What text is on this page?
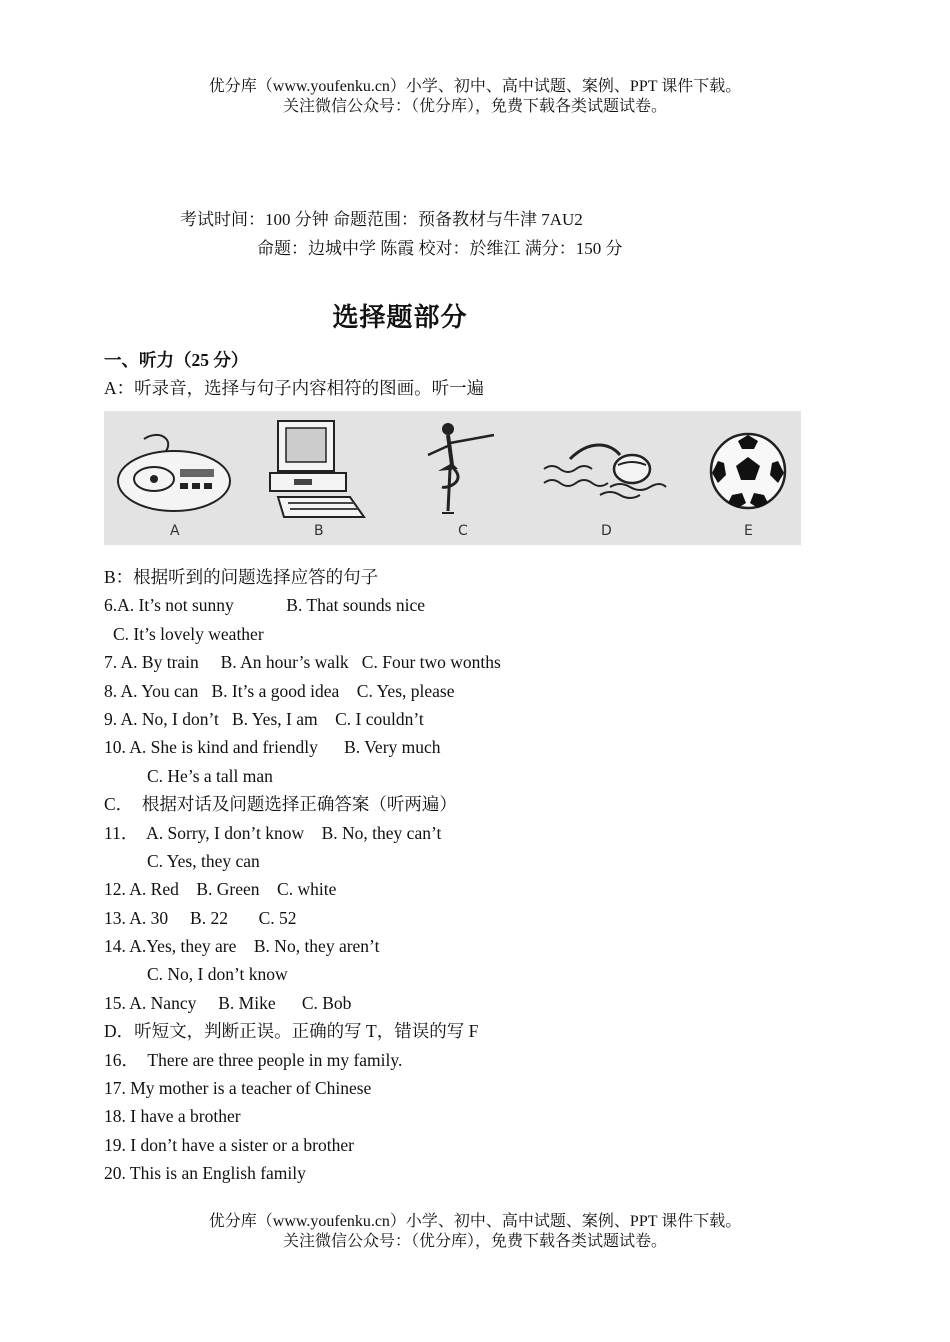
优分库（www.youfenku.cn）小学、初中、高中试题、案例、PPT 课件下载。
关注微信公众号：（优分库），免费下载各类试题试卷。
考试时间：100 分钟 命题范围：预备教材与牛津 7AU2
命题：边城中学 陈霞 校对：於维江 满分：150 分
选择题部分
一、听力（25 分）
A：听录音，选择与句子内容相符的图画。听一遍
A	B	C	D	E
B：根据听到的问题选择应答的句子
6.A. It’s not sunny            B. That sounds nice
C. It’s lovely weather
7. A. By train     B. An hour’s walk   C. Four two wonths
8. A. You can   B. It’s a good idea    C. Yes, please
9. A. No, I don’t   B. Yes, I am    C. I couldn’t
10. A. She is kind and friendly      B. Very much
C. He’s a tall man
C．  根据对话及问题选择正确答案（听两遍）
11．  A. Sorry, I don’t know    B. No, they can’t
C. Yes, they can
12. A. Red    B. Green    C. white
13. A. 30     B. 22       C. 52
14. A.Yes, they are    B. No, they aren’t
C. No, I don’t know
15. A. Nancy     B. Mike      C. Bob
D．听短文，判断正误。正确的写 T，错误的写 F
16．  There are three people in my family.
17. My mother is a teacher of Chinese
18. I have a brother
19. I don’t have a sister or a brother
20. This is an English family
优分库（www.youfenku.cn）小学、初中、高中试题、案例、PPT 课件下载。
关注微信公众号：（优分库），免费下载各类试题试卷。
